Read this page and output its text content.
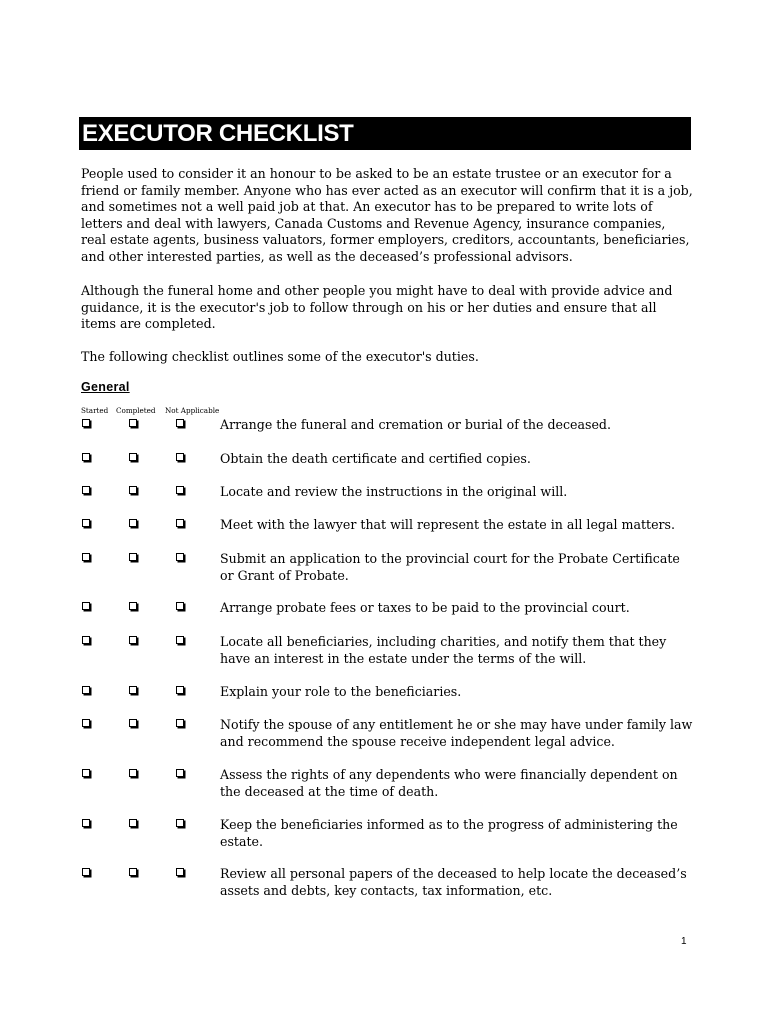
EXECUTOR CHECKLIST

People used to consider it an honour to be asked to be an estate trustee or an executor for a friend or family member. Anyone who has ever acted as an executor will confirm that it is a job, and sometimes not a well paid job at that. An executor has to be prepared to write lots of letters and deal with lawyers, Canada Customs and Revenue Agency, insurance companies, real estate agents, business valuators, former employers, creditors, accountants, beneficiaries, and other interested parties, as well as the deceased’s professional advisors.

Although the funeral home and other people you might have to deal with provide advice and guidance, it is the executor's job to follow through on his or her duties and ensure that all items are completed.

The following checklist outlines some of the executor's duties.

General
Started Completed Not Applicable
Arrange the funeral and cremation or burial of the deceased.
Obtain the death certificate and certified copies.
Locate and review the instructions in the original will.
Meet with the lawyer that will represent the estate in all legal matters.
Submit an application to the provincial court for the Probate Certificate or Grant of Probate.
Arrange probate fees or taxes to be paid to the provincial court.
Locate all beneficiaries, including charities, and notify them that they have an interest in the estate under the terms of the will.
Explain your role to the beneficiaries.
Notify the spouse of any entitlement he or she may have under family law and recommend the spouse receive independent legal advice.
Assess the rights of any dependents who were financially dependent on the deceased at the time of death.
Keep the beneficiaries informed as to the progress of administering the estate.
Review all personal papers of the deceased to help locate the deceased’s assets and debts, key contacts, tax information, etc.
1
